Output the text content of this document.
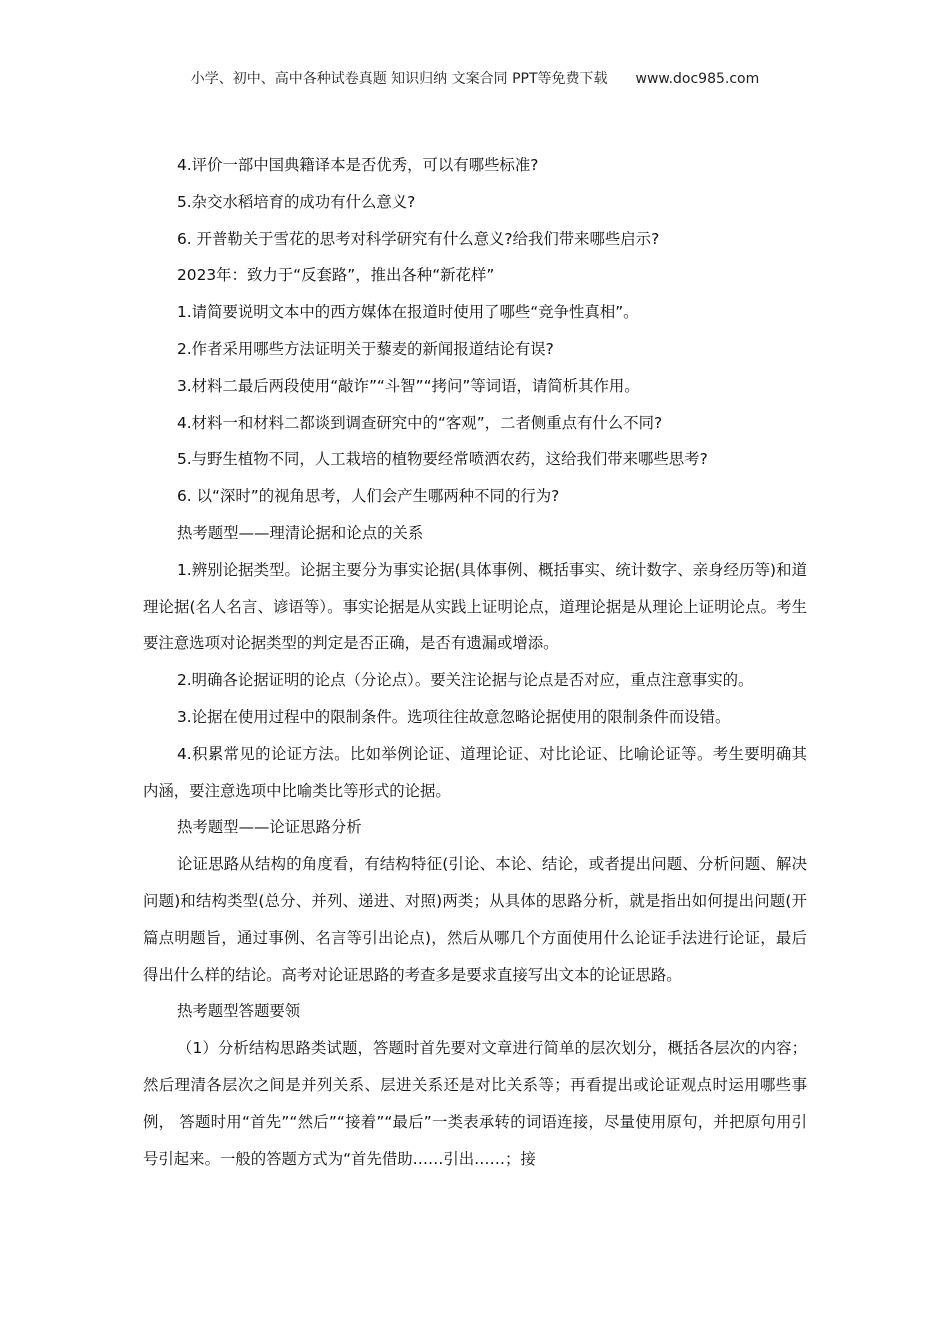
小学、初中、高中各种试卷真题 知识归纳 文案合同 PPT等免费下载 www.doc985.com

4.评价一部中国典籍译本是否优秀，可以有哪些标准?

5.杂交水稻培育的成功有什么意义?

6. 开普勒关于雪花的思考对科学研究有什么意义?给我们带来哪些启示?

2023年：致力于“反套路”，推出各种“新花样”

1.请简要说明文本中的西方媒体在报道时使用了哪些“竞争性真相”。

2.作者采用哪些方法证明关于藜麦的新闻报道结论有误?

3.材料二最后两段使用“敲诈”“斗智”“拷问”等词语，请简析其作用。

4.材料一和材料二都谈到调查研究中的“客观”，二者侧重点有什么不同?

5.与野生植物不同，人工栽培的植物要经常喷洒农药，这给我们带来哪些思考?

6. 以“深时”的视角思考，人们会产生哪两种不同的行为?

热考题型——理清论据和论点的关系

1.辨别论据类型。论据主要分为事实论据(具体事例、概括事实、统计数字、亲身经历等)和道理论据(名人名言、谚语等）。事实论据是从实践上证明论点，道理论据是从理论上证明论点。考生要注意选项对论据类型的判定是否正确，是否有遗漏或增添。

2.明确各论据证明的论点（分论点）。要关注论据与论点是否对应，重点注意事实的。

3.论据在使用过程中的限制条件。选项往往故意忽略论据使用的限制条件而设错。

4.积累常见的论证方法。比如举例论证、道理论证、对比论证、比喻论证等。考生要明确其内涵，要注意选项中比喻类比等形式的论据。

热考题型——论证思路分析

论证思路从结构的角度看，有结构特征(引论、本论、结论，或者提出问题、分析问题、解决问题)和结构类型(总分、并列、递进、对照)两类；从具体的思路分析，就是指出如何提出问题(开篇点明题旨，通过事例、名言等引出论点)，然后从哪几个方面使用什么论证手法进行论证，最后得出什么样的结论。高考对论证思路的考查多是要求直接写出文本的论证思路。

热考题型答题要领

（1）分析结构思路类试题，答题时首先要对文章进行简单的层次划分，概括各层次的内容；然后理清各层次之间是并列关系、层进关系还是对比关系等；再看提出或论证观点时运用哪些事例， 答题时用“首先”“然后”“接着”“最后”一类表承转的词语连接，尽量使用原句，并把原句用引号引起来。一般的答题方式为“首先借助……引出……；接
